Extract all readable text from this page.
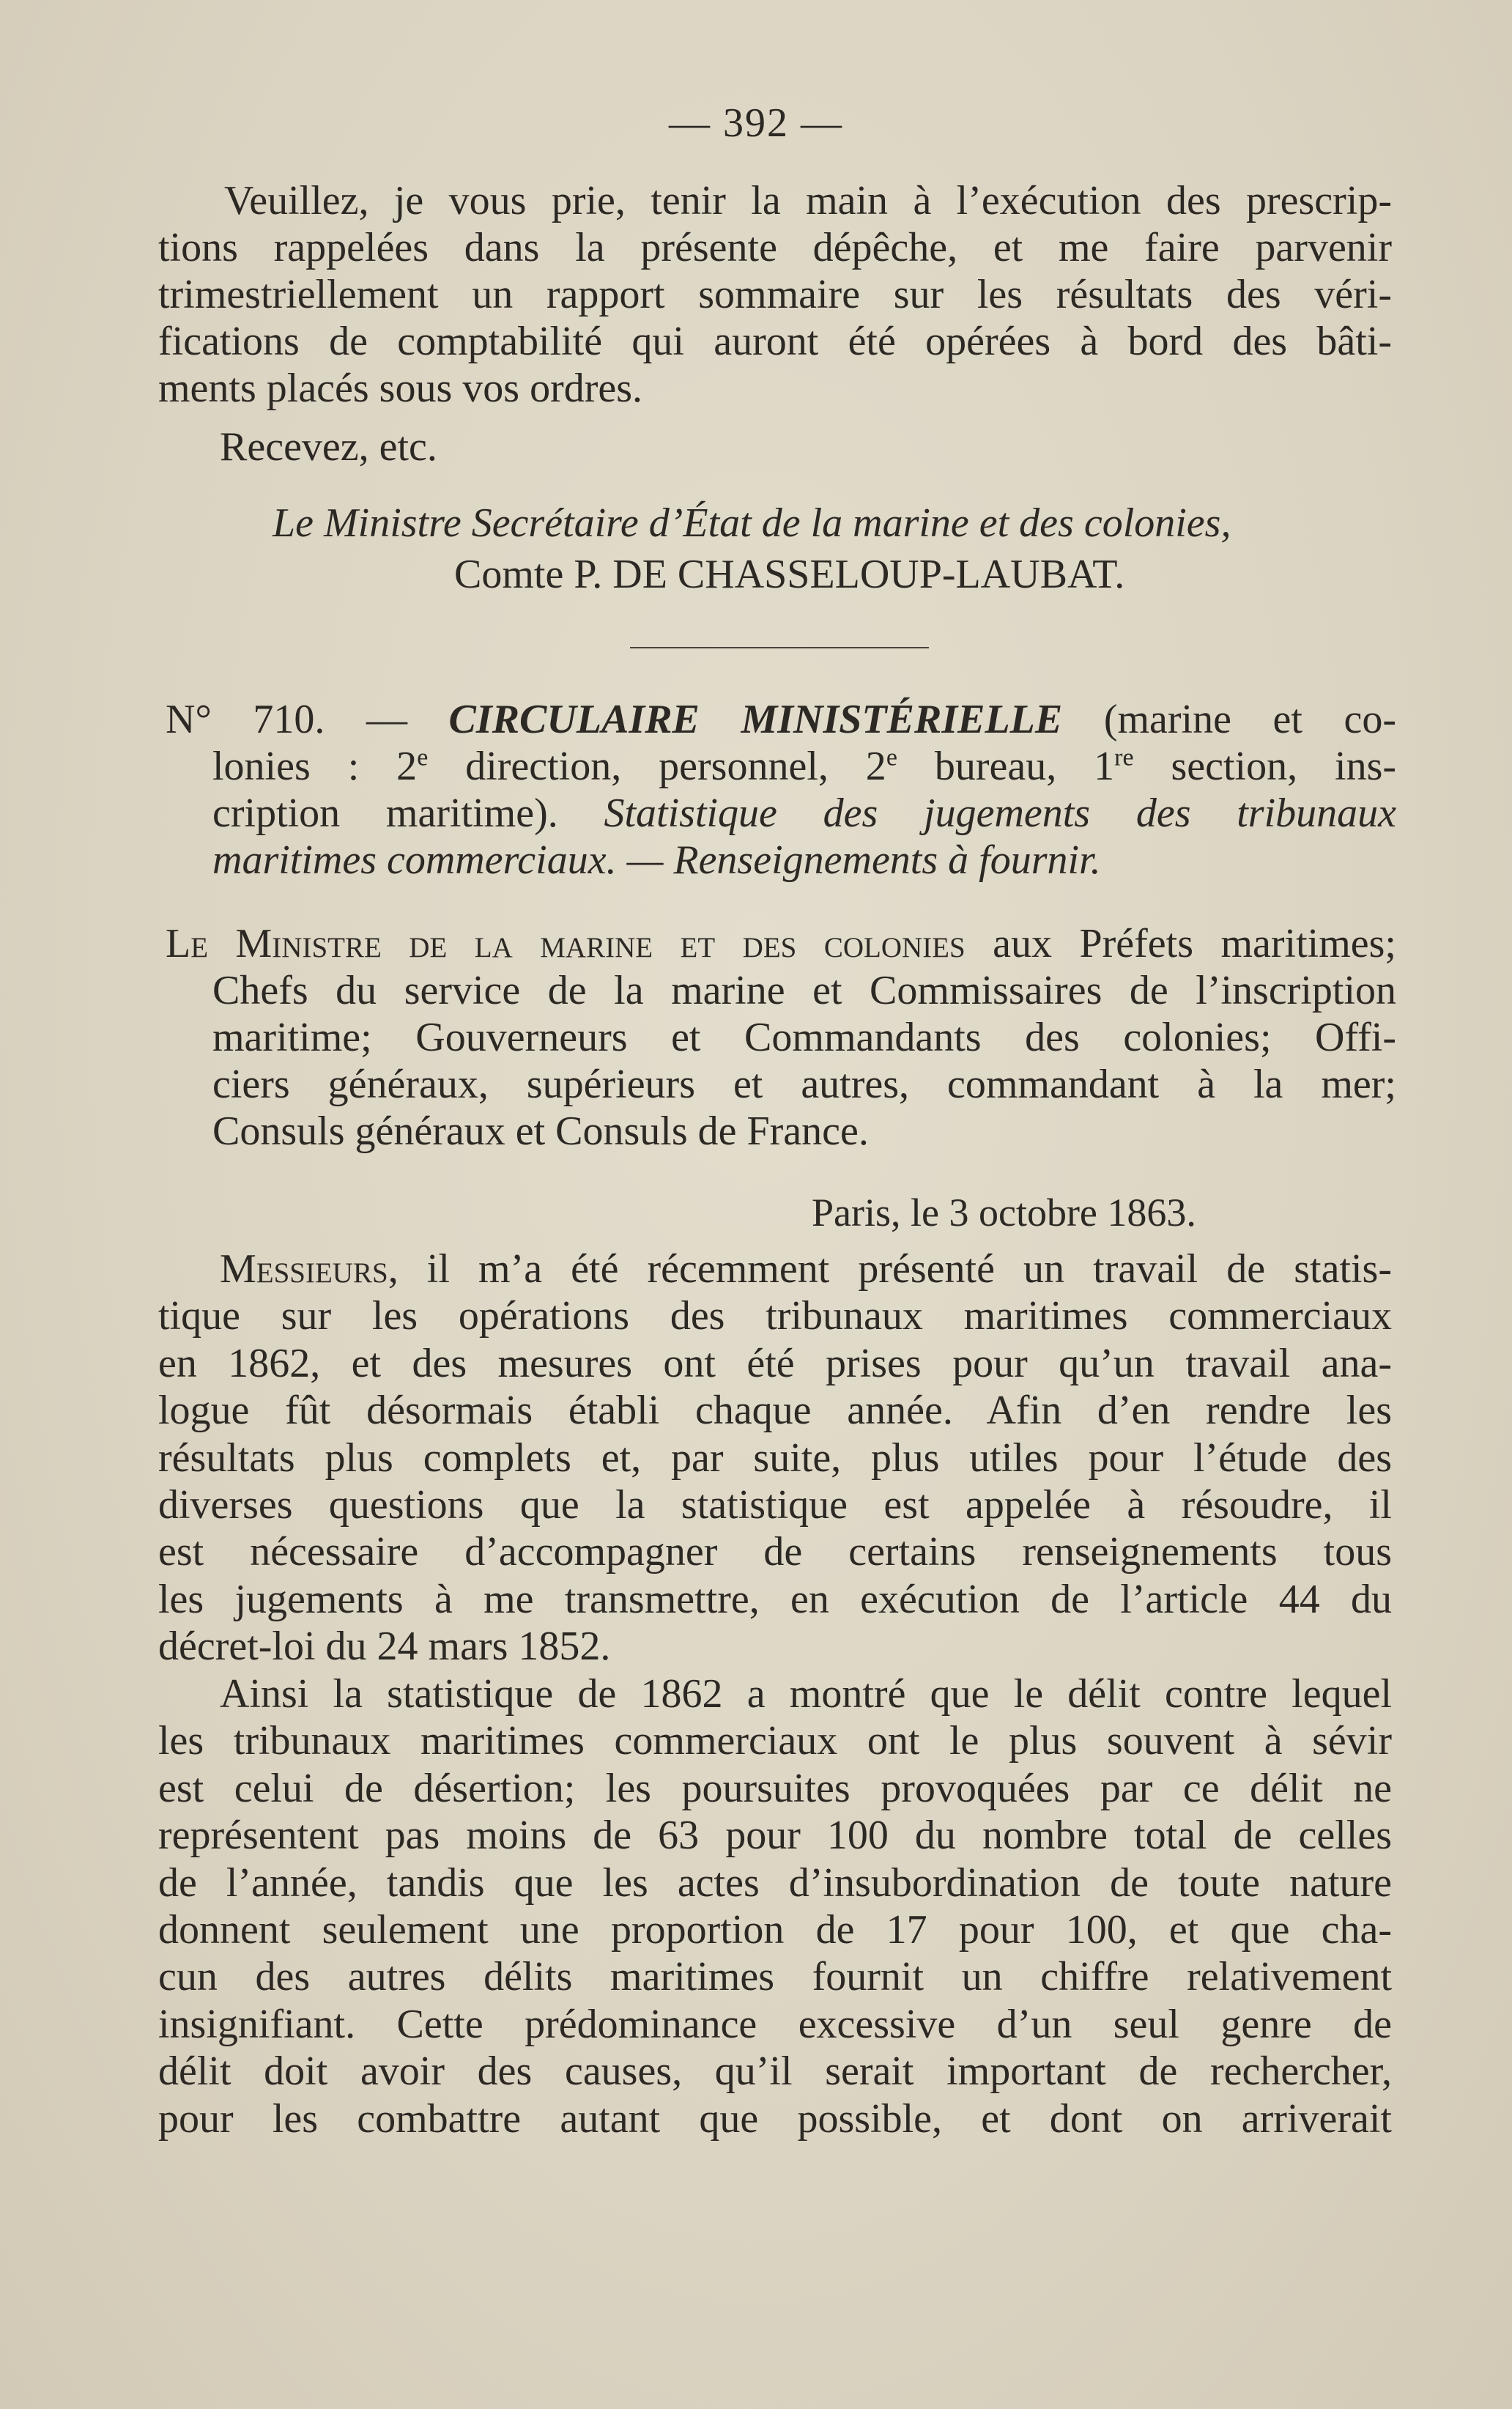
— 392 —
Veuillez, je vous prie, tenir la main à l’exécution des prescrip-
tions rappelées dans la présente dépêche, et me faire parvenir
trimestriellement un rapport sommaire sur les résultats des véri-
fications de comptabilité qui auront été opérées à bord des bâti-
ments placés sous vos ordres.
Recevez, etc.
Le Ministre Secrétaire d’État de la marine et des colonies,
Comte P. DE CHASSELOUP-LAUBAT.
N° 710. — CIRCULAIRE MINISTÉRIELLE (marine et co-
lonies : 2e direction, personnel, 2e bureau, 1re section, ins-
cription maritime). Statistique des jugements des tribunaux
maritimes commerciaux. — Renseignements à fournir.
Le Ministre de la marine et des colonies aux Préfets maritimes;
Chefs du service de la marine et Commissaires de l’inscription
maritime; Gouverneurs et Commandants des colonies; Offi-
ciers généraux, supérieurs et autres, commandant à la mer;
Consuls généraux et Consuls de France.
Paris, le 3 octobre 1863.
Messieurs, il m’a été récemment présenté un travail de statis-
tique sur les opérations des tribunaux maritimes commerciaux
en 1862, et des mesures ont été prises pour qu’un travail ana-
logue fût désormais établi chaque année. Afin d’en rendre les
résultats plus complets et, par suite, plus utiles pour l’étude des
diverses questions que la statistique est appelée à résoudre, il
est nécessaire d’accompagner de certains renseignements tous
les jugements à me transmettre, en exécution de l’article 44 du
décret-loi du 24 mars 1852.
Ainsi la statistique de 1862 a montré que le délit contre lequel
les tribunaux maritimes commerciaux ont le plus souvent à sévir
est celui de désertion; les poursuites provoquées par ce délit ne
représentent pas moins de 63 pour 100 du nombre total de celles
de l’année, tandis que les actes d’insubordination de toute nature
donnent seulement une proportion de 17 pour 100, et que cha-
cun des autres délits maritimes fournit un chiffre relativement
insignifiant. Cette prédominance excessive d’un seul genre de
délit doit avoir des causes, qu’il serait important de rechercher,
pour les combattre autant que possible, et dont on arriverait
